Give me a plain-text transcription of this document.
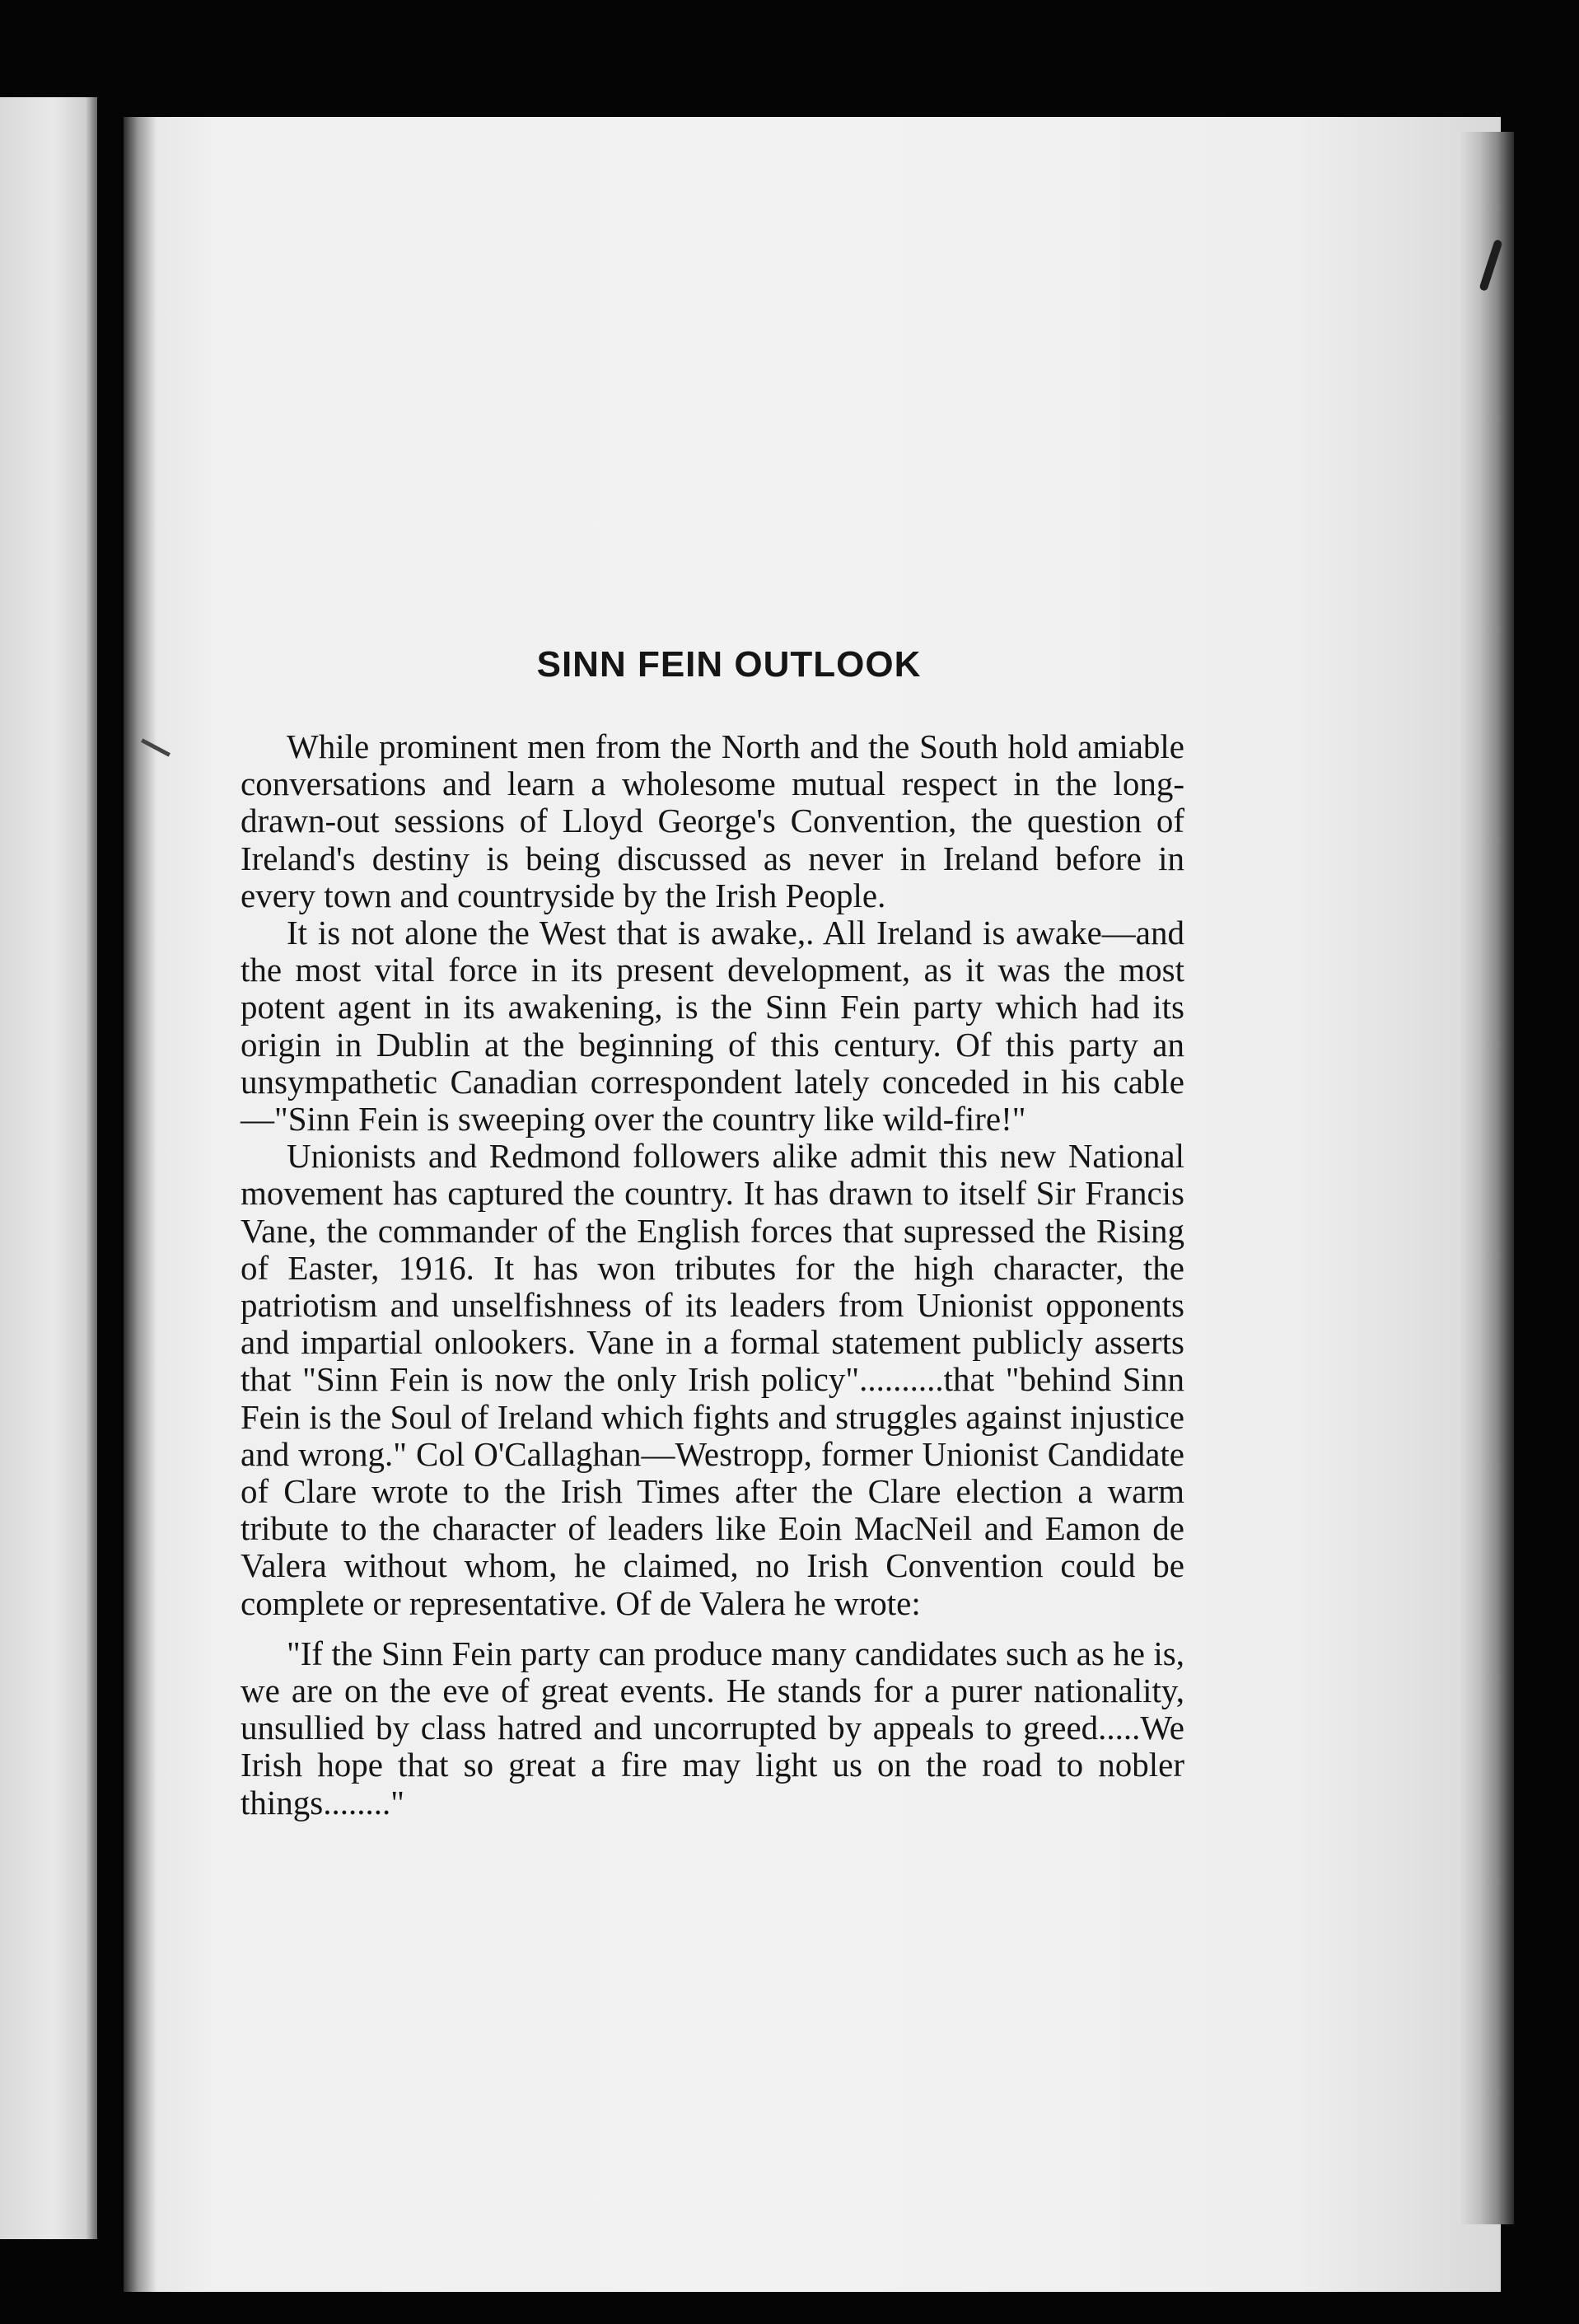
SINN FEIN OUTLOOK

While prominent men from the North and the South hold amiable conversations and learn a wholesome mutual respect in the long-drawn-out sessions of Lloyd George's Convention, the question of Ireland's destiny is being discussed as never in Ireland before in every town and countryside by the Irish People.

It is not alone the West that is awake,. All Ireland is awake—and the most vital force in its present development, as it was the most potent agent in its awakening, is the Sinn Fein party which had its origin in Dublin at the beginning of this century. Of this party an unsympathetic Canadian correspondent lately conceded in his cable—"Sinn Fein is sweeping over the country like wild-fire!"

Unionists and Redmond followers alike admit this new National movement has captured the country. It has drawn to itself Sir Francis Vane, the commander of the English forces that supressed the Rising of Easter, 1916. It has won tributes for the high character, the patriotism and unselfishness of its leaders from Unionist opponents and impartial onlookers. Vane in a formal statement publicly asserts that "Sinn Fein is now the only Irish policy"..........that "behind Sinn Fein is the Soul of Ireland which fights and struggles against injustice and wrong." Col O'Callaghan—Westropp, former Unionist Candidate of Clare wrote to the Irish Times after the Clare election a warm tribute to the character of leaders like Eoin MacNeil and Eamon de Valera without whom, he claimed, no Irish Convention could be complete or representative. Of de Valera he wrote:

"If the Sinn Fein party can produce many candidates such as he is, we are on the eve of great events. He stands for a purer nationality, unsullied by class hatred and uncorrupted by appeals to greed.....We Irish hope that so great a fire may light us on the road to nobler things........"
